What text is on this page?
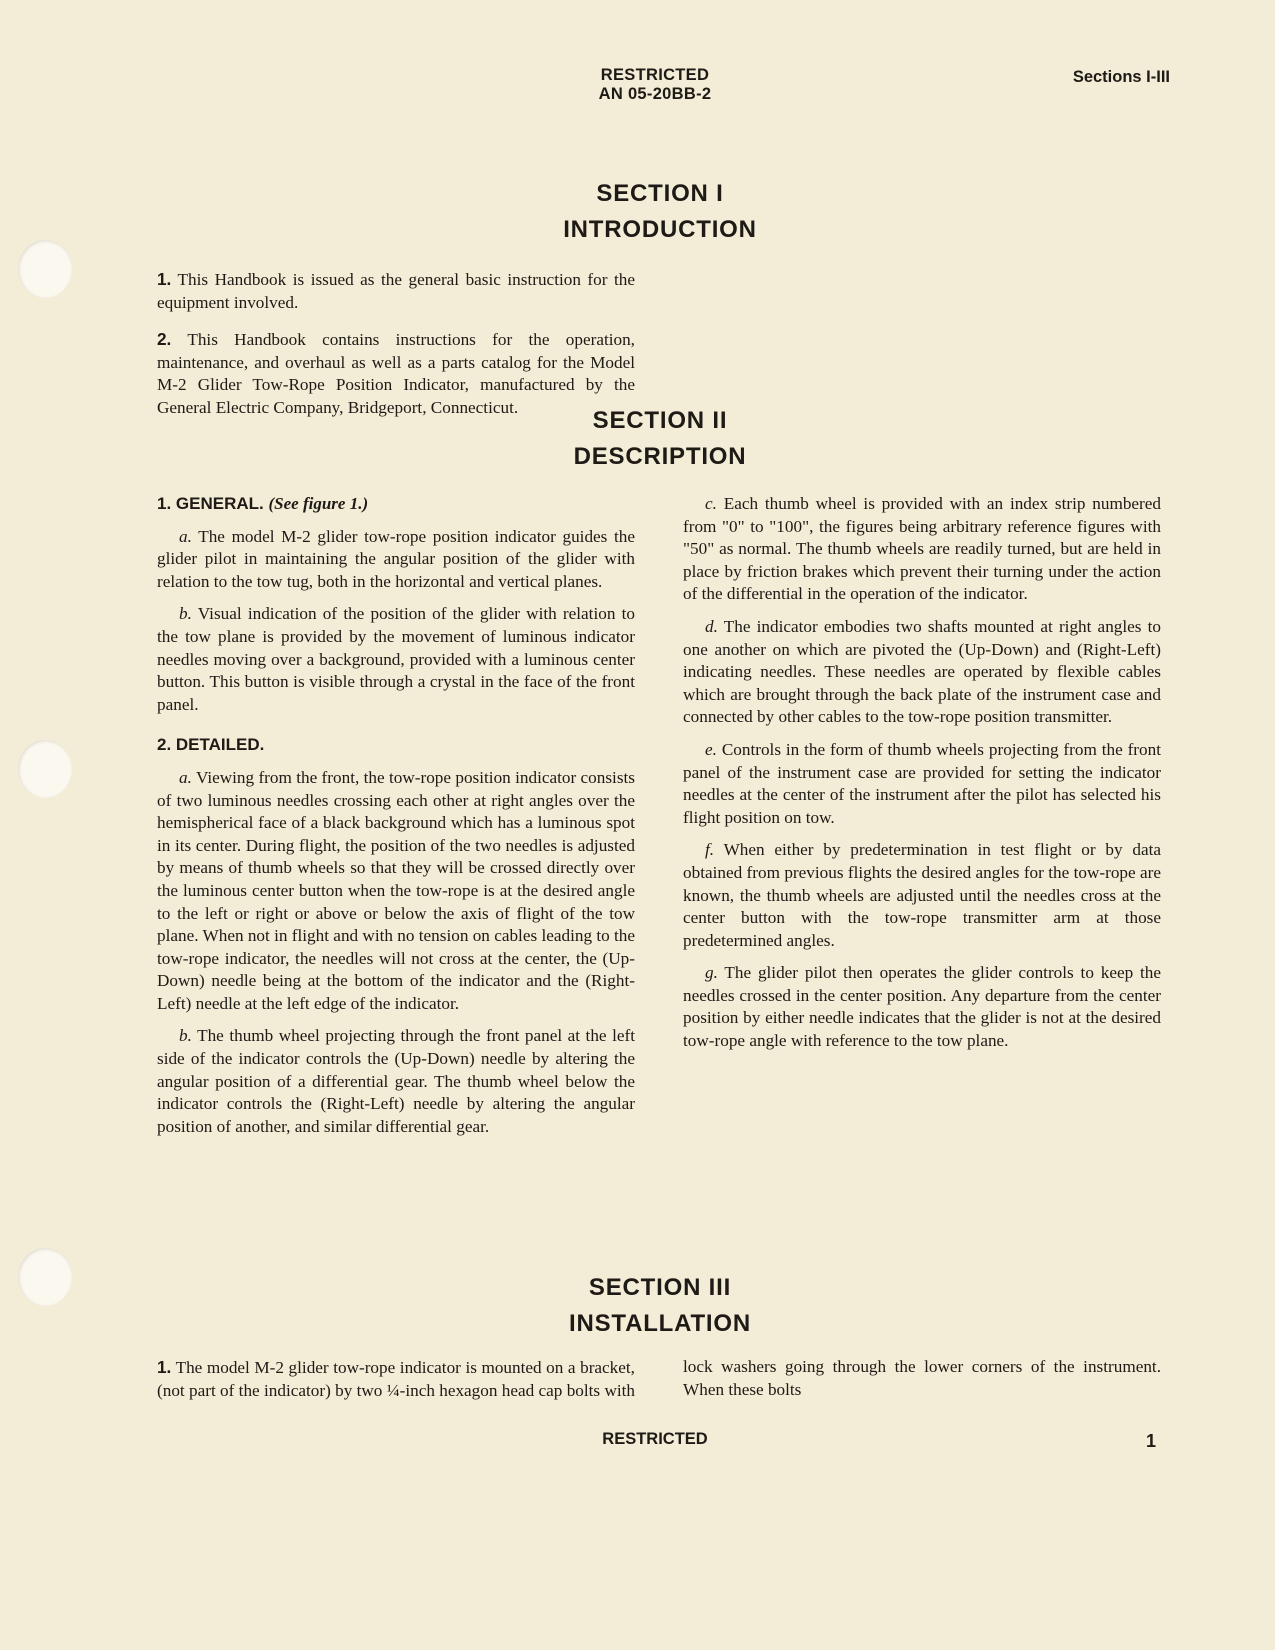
RESTRICTED
AN 05-20BB-2
Sections I-III
SECTION I
INTRODUCTION

1. This Handbook is issued as the general basic instruction for the equipment involved.

2. This Handbook contains instructions for the operation, maintenance, and overhaul as well as a parts catalog for the Model M-2 Glider Tow-Rope Position Indicator, manufactured by the General Electric Company, Bridgeport, Connecticut.	SECTION II
DESCRIPTION
1. GENERAL. (See figure 1.)

a. The model M-2 glider tow-rope position indicator guides the glider pilot in maintaining the angular position of the glider with relation to the tow tug, both in the horizontal and vertical planes.

b. Visual indication of the position of the glider with relation to the tow plane is provided by the movement of luminous indicator needles moving over a background, provided with a luminous center button. This button is visible through a crystal in the face of the front panel.

2. DETAILED.

a. Viewing from the front, the tow-rope position indicator consists of two luminous needles crossing each other at right angles over the hemispherical face of a black background which has a luminous spot in its center. During flight, the position of the two needles is adjusted by means of thumb wheels so that they will be crossed directly over the luminous center button when the tow-rope is at the desired angle to the left or right or above or below the axis of flight of the tow plane. When not in flight and with no tension on cables leading to the tow-rope indicator, the needles will not cross at the center, the (Up-Down) needle being at the bottom of the indicator and the (Right-Left) needle at the left edge of the indicator.

b. The thumb wheel projecting through the front panel at the left side of the indicator controls the (Up-Down) needle by altering the angular position of a differential gear. The thumb wheel below the indicator controls the (Right-Left) needle by altering the angular position of another, and similar differential gear.

c. Each thumb wheel is provided with an index strip numbered from "0" to "100", the figures being arbitrary reference figures with "50" as normal. The thumb wheels are readily turned, but are held in place by friction brakes which prevent their turning under the action of the differential in the operation of the indicator.

d. The indicator embodies two shafts mounted at right angles to one another on which are pivoted the (Up-Down) and (Right-Left) indicating needles. These needles are operated by flexible cables which are brought through the back plate of the instrument case and connected by other cables to the tow-rope position transmitter.

e. Controls in the form of thumb wheels projecting from the front panel of the instrument case are provided for setting the indicator needles at the center of the instrument after the pilot has selected his flight position on tow.

f. When either by predetermination in test flight or by data obtained from previous flights the desired angles for the tow-rope are known, the thumb wheels are adjusted until the needles cross at the center button with the tow-rope transmitter arm at those predetermined angles.

g. The glider pilot then operates the glider controls to keep the needles crossed in the center position. Any departure from the center position by either needle indicates that the glider is not at the desired tow-rope angle with reference to the tow plane.

SECTION III
INSTALLATION

1. The model M-2 glider tow-rope indicator is mounted on a bracket, (not part of the indicator) by two ¼-inch hexagon head cap bolts with lock washers going through the lower corners of the instrument. When these bolts

RESTRICTED	1
